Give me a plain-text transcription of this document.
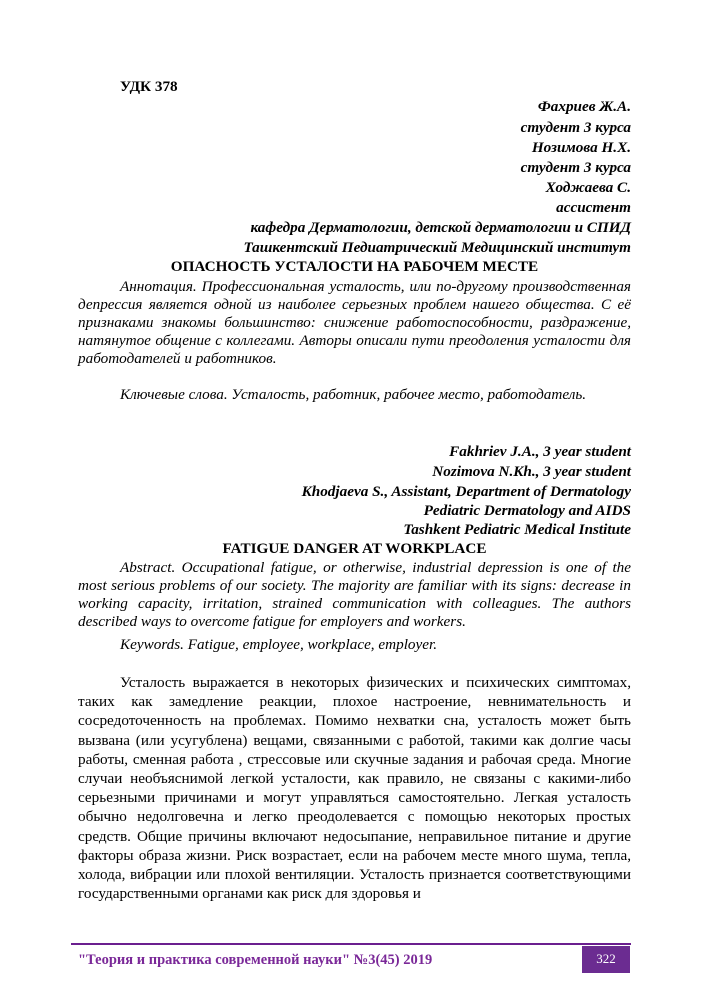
УДК 378
Фахриев Ж.А.
студент 3 курса
Нозимова Н.Х.
студент 3 курса
Ходжаева С.
ассистент
кафедра Дерматологии, детской дерматологии и СПИД
Ташкентский Педиатрический Медицинский институт
ОПАСНОСТЬ УСТАЛОСТИ НА РАБОЧЕМ МЕСТЕ
Аннотация. Профессиональная усталость, или по-другому производственная депрессия является одной из наиболее серьезных проблем нашего общества. С её признаками знакомы большинство: снижение работоспособности, раздражение, натянутое общение с коллегами. Авторы описали пути преодоления усталости для работодателей и работников.
Ключевые слова. Усталость, работник, рабочее место, работодатель.
Fakhriev J.A., 3 year student
Nozimova N.Kh., 3 year student
Khodjaeva S., Assistant, Department of Dermatology
Pediatric Dermatology and AIDS
Tashkent Pediatric Medical Institute
FATIGUE DANGER AT WORKPLACE
Abstract. Occupational fatigue, or otherwise, industrial depression is one of the most serious problems of our society. The majority are familiar with its signs: decrease in working capacity, irritation, strained communication with colleagues. The authors described ways to overcome fatigue for employers and workers.
Keywords. Fatigue, employee, workplace, employer.
Усталость выражается в некоторых физических и психических симптомах, таких как замедление реакции, плохое настроение, невнимательность и сосредоточенность на проблемах. Помимо нехватки сна, усталость может быть вызвана (или усугублена) вещами, связанными с работой, такими как долгие часы работы, сменная работа , стрессовые или скучные задания и рабочая среда. Многие случаи необъяснимой легкой усталости, как правило, не связаны с какими-либо серьезными причинами и могут управляться самостоятельно. Легкая усталость обычно недолговечна и легко преодолевается с помощью некоторых простых средств. Общие причины включают недосыпание, неправильное питание и другие факторы образа жизни. Риск возрастает, если на рабочем месте много шума, тепла, холода, вибрации или плохой вентиляции. Усталость признается соответствующими государственными органами как риск для здоровья и
"Теория и практика современной науки" №3(45) 2019	322
